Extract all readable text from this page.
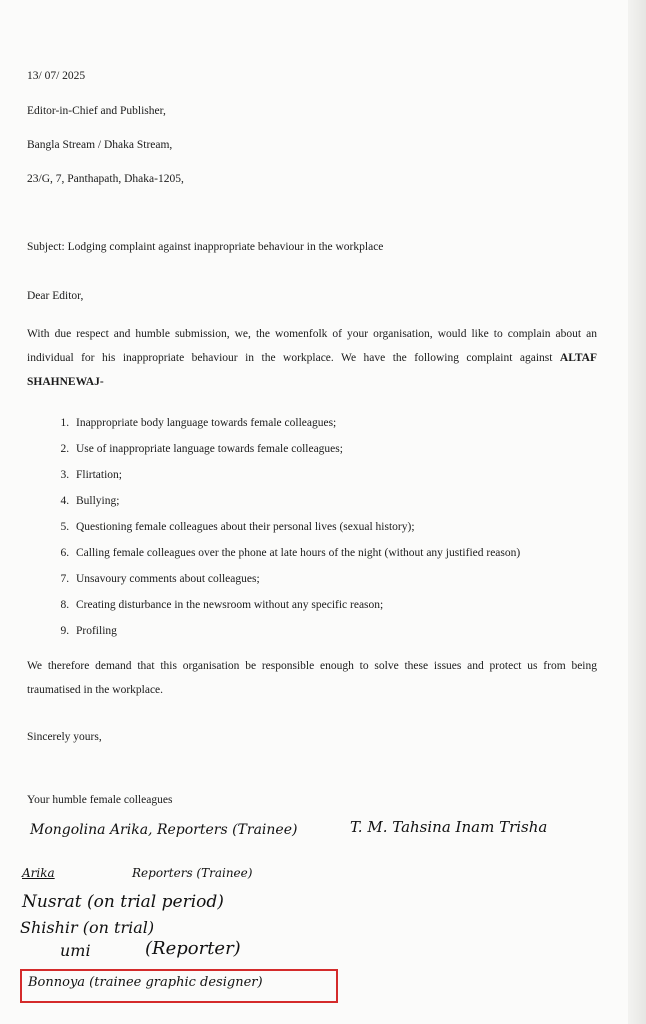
13/ 07/ 2025
Editor-in-Chief and Publisher,
Bangla Stream / Dhaka Stream,
23/G, 7, Panthapath, Dhaka-1205,
Subject: Lodging complaint against inappropriate behaviour in the workplace
Dear Editor,
With due respect and humble submission, we, the womenfolk of your organisation, would like to complain about an individual for his inappropriate behaviour in the workplace. We have the following complaint against ALTAF SHAHNEWAJ-
1. Inappropriate body language towards female colleagues;
2. Use of inappropriate language towards female colleagues;
3. Flirtation;
4. Bullying;
5. Questioning female colleagues about their personal lives (sexual history);
6. Calling female colleagues over the phone at late hours of the night (without any justified reason)
7. Unsavoury comments about colleagues;
8. Creating disturbance in the newsroom without any specific reason;
9. Profiling
We therefore demand that this organisation be responsible enough to solve these issues and protect us from being traumatised in the workplace.
Sincerely yours,
Your humble female colleagues
Mongolina Arika, Reporters (Trainee)	T. M. Tahsina Inam Trisha
Arika	Reporters (Trainee)
Nusrat (on trial period)
Shishir (on trial)
umi	(Reporter)
Bonnoya (trainee graphic designer)
